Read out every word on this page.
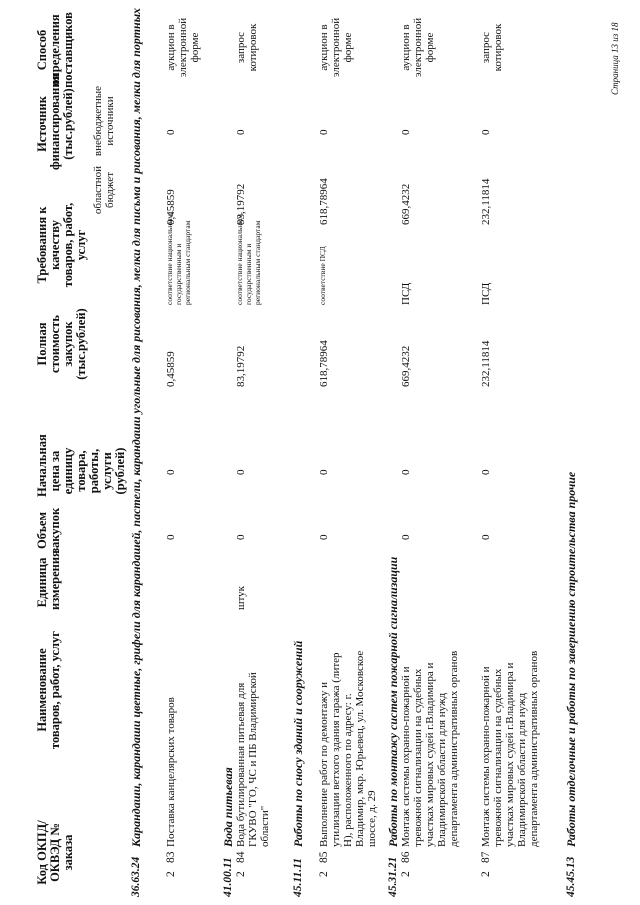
Код ОКПД/ ОКВЭД № заказа
Наименование товаров, работ, услуг
Единица измерения
Объем закупок
Начальная цена за единицу товара, работы, услуги (рублей)
Полная стоимость закупок (тыс.рублей)
Требования к качеству товаров, работ, услуг
Источник финансирования (тыс.рублей)
областной бюджет
внебюджетные источники
Способ определения поставщиков
36.63.24
Карандаши, карандаши цветные, грифели для карандашей, пастели, карандаши угольные для рисования, мелки для письма и рисования, мелки для портных
2
83
Поставка канцелярских товаров
0
0
0,45859
соответствие национальным, государственным и региональным стандартам
0,45859
0
аукцион в электронной форме
41.00.11
Вода питьевая
2
84
Вода бутилированная питьевая для ГКУВО "ГО, ЧС и ПБ Владимирской области"
штук
0
0
83,19792
соответствие национальным, государственным и региональным стандартам
83,19792
0
запрос котировок
45.11.11
Работы по сносу зданий и сооружений
2
85
Выполнение работ по демонтажу и утилизации ветхого здания гаража (литер Н), расположенного по адресу: г. Владимир, мкр. Юрьевец, ул. Московское шоссе, д. 29
0
0
618,78964
соответствие ПСД
618,78964
0
аукцион в электронной форме
45.31.21
Работы по монтажу систем пожарной сигнализации
2
86
Монтаж системы охранно-пожарной и тревожной сигнализации на судебных участках мировых судей г.Владимира и Владимирской области для нужд департамента административных органов
0
0
669,4232
ПСД
669,4232
0
аукцион в электронной форме
2
87
Монтаж системы охранно-пожарной и тревожной сигнализации на судебных участках мировых судей г.Владимира и Владимирской области для нужд департамента административных органов
0
0
232,11814
ПСД
232,11814
0
запрос котировок
45.45.13
Работы отделочные и работы по завершению строительства прочие
Страница 13 из 18
